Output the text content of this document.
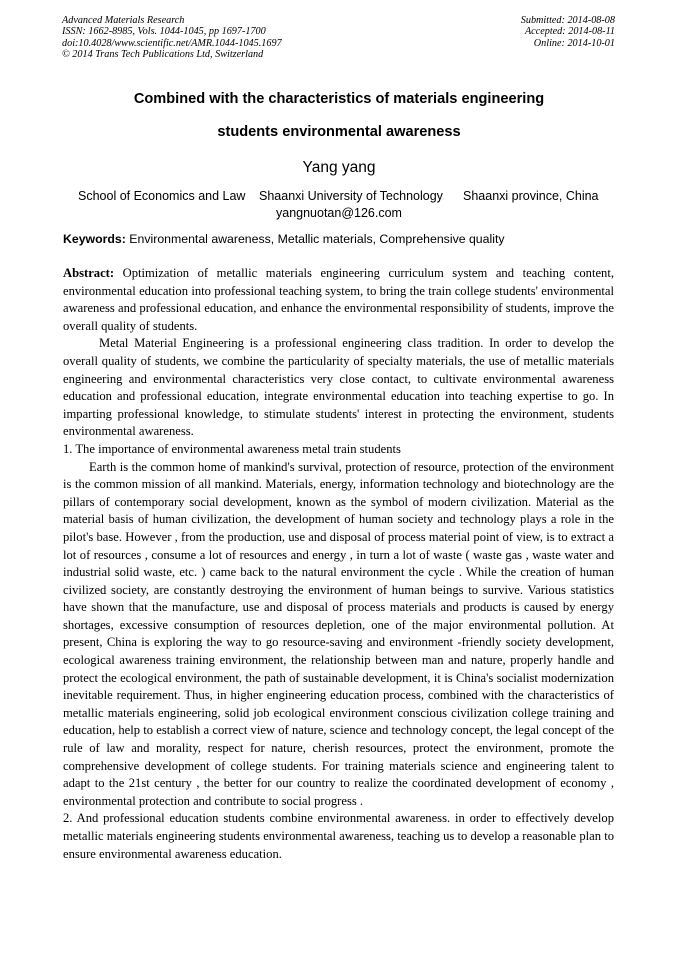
Advanced Materials Research
ISSN: 1662-8985, Vols. 1044-1045, pp 1697-1700
doi:10.4028/www.scientific.net/AMR.1044-1045.1697
© 2014 Trans Tech Publications Ltd, Switzerland
Submitted: 2014-08-08
Accepted: 2014-08-11
Online: 2014-10-01
Combined with the characteristics of materials engineering
students environmental awareness
Yang yang
School of Economics and Law Shaanxi University of Technology Shaanxi province, China
yangnuotan@126.com
Keywords: Environmental awareness, Metallic materials, Comprehensive quality

Abstract: Optimization of metallic materials engineering curriculum system and teaching content, environmental education into professional teaching system, to bring the train college students' environmental awareness and professional education, and enhance the environmental responsibility of students, improve the overall quality of students.

Metal Material Engineering is a professional engineering class tradition. In order to develop the overall quality of students, we combine the particularity of specialty materials, the use of metallic materials engineering and environmental characteristics very close contact, to cultivate environmental awareness education and professional education, integrate environmental education into teaching expertise to go. In imparting professional knowledge, to stimulate students' interest in protecting the environment, students environmental awareness.

1. The importance of environmental awareness metal train students

Earth is the common home of mankind's survival, protection of resource, protection of the environment is the common mission of all mankind. Materials, energy, information technology and biotechnology are the pillars of contemporary social development, known as the symbol of modern civilization. Material as the material basis of human civilization, the development of human society and technology plays a role in the pilot's base. However , from the production, use and disposal of process material point of view, is to extract a lot of resources , consume a lot of resources and energy , in turn a lot of waste ( waste gas , waste water and industrial solid waste, etc. ) came back to the natural environment the cycle . While the creation of human civilized society, are constantly destroying the environment of human beings to survive. Various statistics have shown that the manufacture, use and disposal of process materials and products is caused by energy shortages, excessive consumption of resources depletion, one of the major environmental pollution. At present, China is exploring the way to go resource-saving and environment -friendly society development, ecological awareness training environment, the relationship between man and nature, properly handle and protect the ecological environment, the path of sustainable development, it is China's socialist modernization inevitable requirement. Thus, in higher engineering education process, combined with the characteristics of metallic materials engineering, solid job ecological environment conscious civilization college training and education, help to establish a correct view of nature, science and technology concept, the legal concept of the rule of law and morality, respect for nature, cherish resources, protect the environment, promote the comprehensive development of college students. For training materials science and engineering talent to adapt to the 21st century , the better for our country to realize the coordinated development of economy , environmental protection and contribute to social progress .

2. And professional education students combine environmental awareness. in order to effectively develop metallic materials engineering students environmental awareness, teaching us to develop a reasonable plan to ensure environmental awareness education.
